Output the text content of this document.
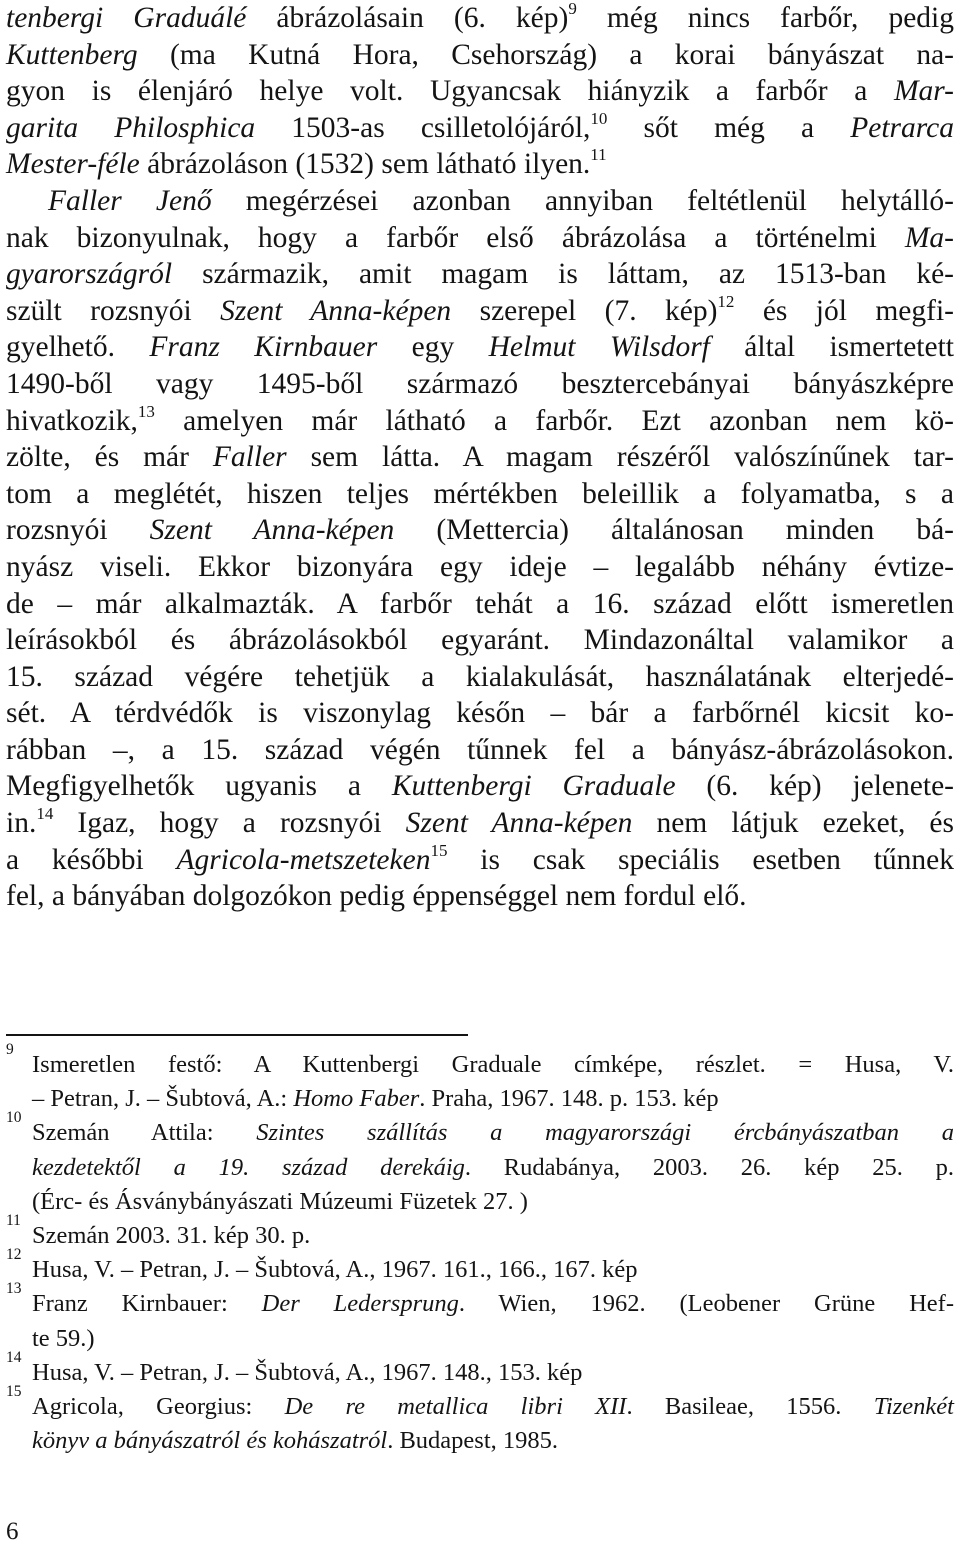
tenbergi Graduálé ábrázolásain (6. kép)$^9$ még nincs farbőr, pedig
Kuttenberg (ma Kutná Hora, Csehország) a korai bányászat na-
gyon is élenjáró helye volt. Ugyancsak hiányzik a farbőr a Mar-
garita Philosphica 1503-as csilletolójáról,$^{10}$ sőt még a Petrarca
Mester-féle ábrázoláson (1532) sem látható ilyen.$^{11}$
Faller Jenő megérzései azonban annyiban feltétlenül helytálló-
nak bizonyulnak, hogy a farbőr első ábrázolása a történelmi Ma-
gyarországról származik, amit magam is láttam, az 1513-ban ké-
szült rozsnyói Szent Anna-képen szerepel (7. kép)$^{12}$ és jól megfi-
gyelhető. Franz Kirnbauer egy Helmut Wilsdorf által ismertetett
1490-ből vagy 1495-ből származó besztercebányai bányászképre
hivatkozik,$^{13}$ amelyen már látható a farbőr. Ezt azonban nem kö-
zölte, és már Faller sem látta. A magam részéről valószínűnek tar-
tom a meglétét, hiszen teljes mértékben beleillik a folyamatba, s a
rozsnyói Szent Anna-képen (Mettercia) általánosan minden bá-
nyász viseli. Ekkor bizonyára egy ideje – legalább néhány évtize-
de – már alkalmazták. A farbőr tehát a 16. század előtt ismeretlen
leírásokból és ábrázolásokból egyaránt. Mindazonáltal valamikor a
15. század végére tehetjük a kialakulását, használatának elterjedé-
sét. A térdvédők is viszonylag későn – bár a farbőrnél kicsit ko-
rábban –, a 15. század végén tűnnek fel a bányász-ábrázolásokon.
Megfigyelhetők ugyanis a Kuttenbergi Graduale (6. kép) jelenete-
in.$^{14}$ Igaz, hogy a rozsnyói Szent Anna-képen nem látjuk ezeket, és
a későbbi Agricola-metszeteken$^{15}$ is csak speciális esetben tűnnek
fel, a bányában dolgozókon pedig éppenséggel nem fordul elő.
9
Ismeretlen festő: A Kuttenbergi Graduale címképe, részlet. = Husa, V.
– Petran, J. – Šubtová, A.: Homo Faber. Praha, 1967. 148. p. 153. kép
10
Szemán Attila: Szintes szállítás a magyarországi ércbányászatban a
kezdetektől a 19. század derekáig. Rudabánya, 2003. 26. kép 25. p.
(Érc- és Ásványbányászati Múzeumi Füzetek 27. )
11
Szemán 2003. 31. kép 30. p.
12
Husa, V. – Petran, J. – Šubtová, A., 1967. 161., 166., 167. kép
13
Franz Kirnbauer: Der Ledersprung. Wien, 1962. (Leobener Grüne Hef-
te 59.)
14
Husa, V. – Petran, J. – Šubtová, A., 1967. 148., 153. kép
15
Agricola, Georgius: De re metallica libri XII. Basileae, 1556. Tizenkét
könyv a bányászatról és kohászatról. Budapest, 1985.
6
